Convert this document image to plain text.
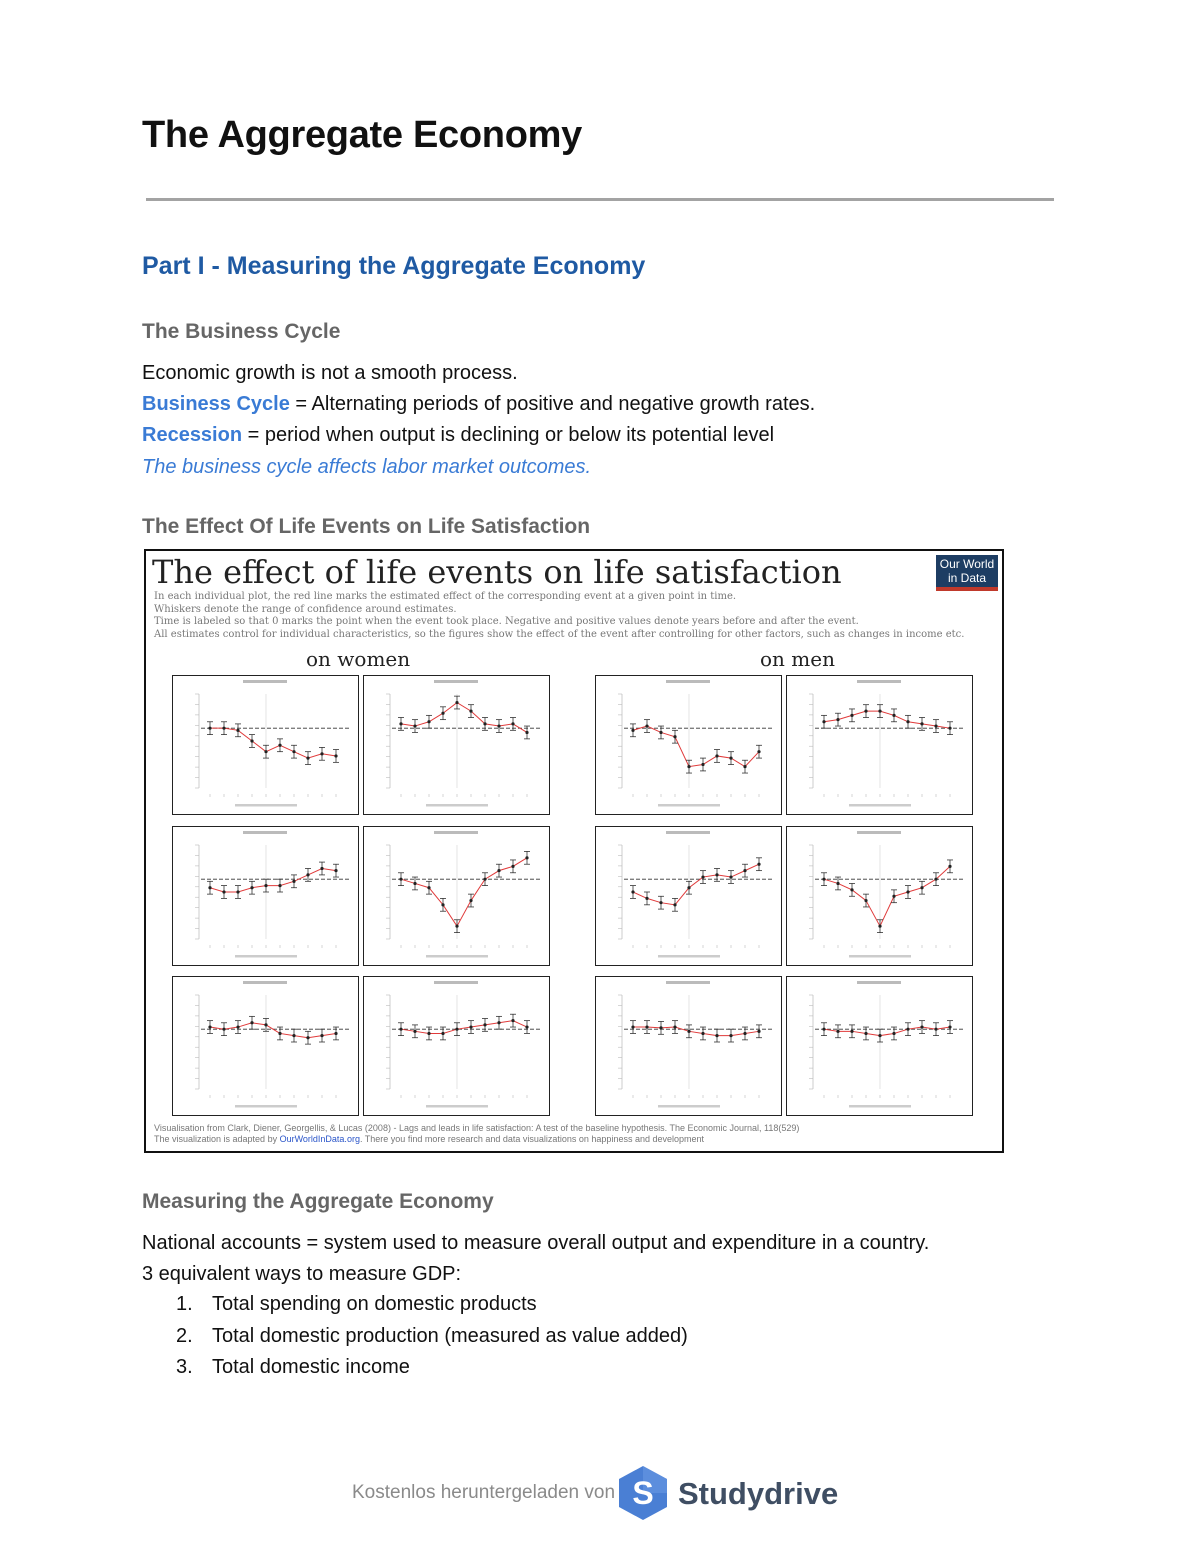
The Aggregate Economy
Part I - Measuring the Aggregate Economy
The Business Cycle

Economic growth is not a smooth process.

Business Cycle = Alternating periods of positive and negative growth rates.

Recession = period when output is declining or below its potential level

The business cycle affects labor market outcomes.

The Effect Of Life Events on Life Satisfaction
The effect of life events on life satisfaction	Our World
in Data
In each individual plot, the red line marks the estimated effect of the corresponding event at a given point in time.
Whiskers denote the range of confidence around estimates.
Time is labeled so that 0 marks the point when the event took place. Negative and positive values denote years before and after the event.
All estimates control for individual characteristics, so the figures show the effect of the event after controlling for other factors, such as changes in income etc.
on women	on men
Visualisation from Clark, Diener, Georgellis, & Lucas (2008) - Lags and leads in life satisfaction: A test of the baseline hypothesis. The Economic Journal, 118(529)
The visualization is adapted by OurWorldInData.org. There you find more research and data visualizations on happiness and development
Measuring the Aggregate Economy

National accounts = system used to measure overall output and expenditure in a country.

3 equivalent ways to measure GDP:

1. Total spending on domestic products
2. Total domestic production (measured as value added)
3. Total domestic income
Kostenlos heruntergeladen von S Studydrive
